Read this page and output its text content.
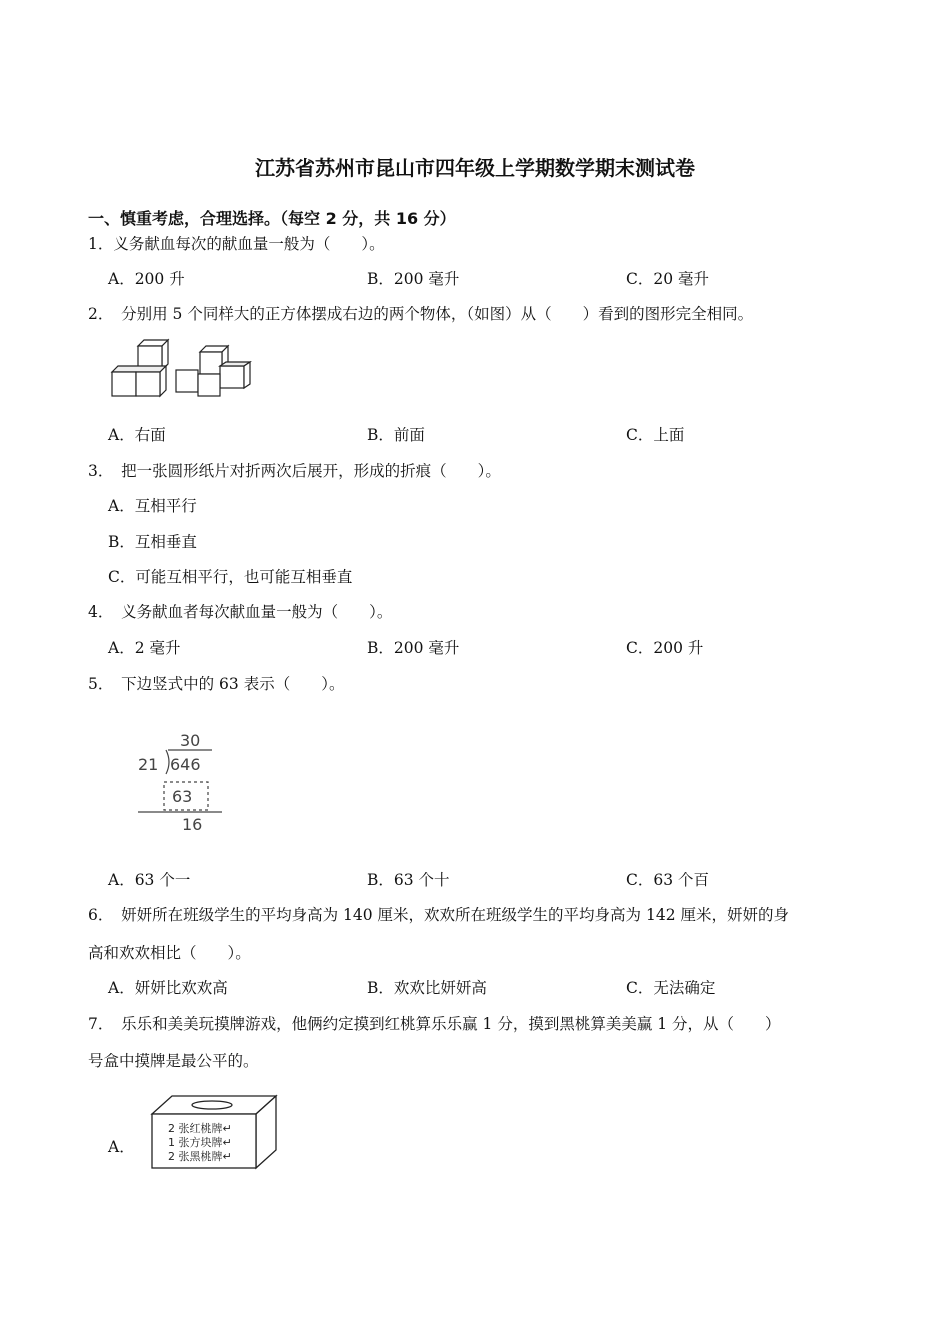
江苏省苏州市昆山市四年级上学期数学期末测试卷
一、慎重考虑，合理选择。（每空 2 分，共 16 分）
1．义务献血每次的献血量一般为（　　）。
A．200 升	B．200 毫升	C．20 毫升
2．　分别用 5 个同样大的正方体摆成右边的两个物体，（如图）从（　　）看到的图形完全相同。
A．右面	B．前面	C．上面
3．　把一张圆形纸片对折两次后展开，形成的折痕（　　）。
A．互相平行
B．互相垂直
C．可能互相平行，也可能互相垂直
4．　义务献血者每次献血量一般为（　　）。
A．2 毫升	B．200 毫升	C．200 升
5．　下边竖式中的 63 表示（　　）。
30
21 646
63
16
A．63 个一	B．63 个十	C．63 个百
6．　妍妍所在班级学生的平均身高为 140 厘米，欢欢所在班级学生的平均身高为 142 厘米，妍妍的身
高和欢欢相比（　　）。
A．妍妍比欢欢高	B．欢欢比妍妍高	C．无法确定
7．　乐乐和美美玩摸牌游戏，他俩约定摸到红桃算乐乐赢 1 分，摸到黑桃算美美赢 1 分，从（　　）
号盒中摸牌是最公平的。
A．
2 张红桃牌↵
1 张方块牌↵
2 张黑桃牌↵
